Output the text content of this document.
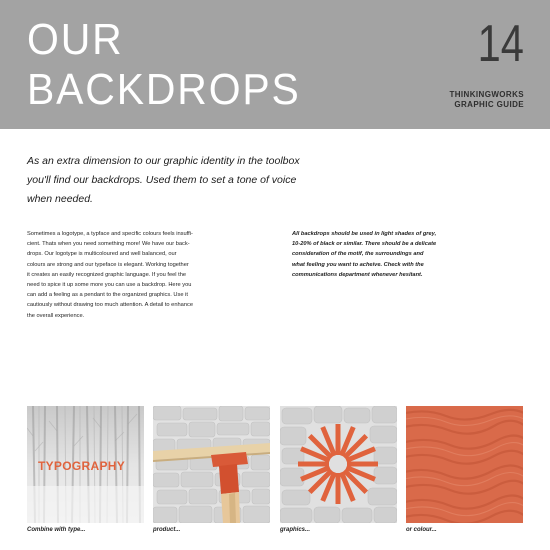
OUR
BACKDROPS
14
THINKINGWORKS
GRAPHIC GUIDE
As an extra dimension to our graphic identity in the toolbox
you'll find our backdrops. Used them to set a tone of voice
when needed.
Sometimes a logotype, a typface and specific colours feels insuffi-
cient. Thats when you need something more! We have our back-
drops. Our logotype is multicoloured and well balanced, our
colours are strong and our typeface is elegant. Working together
it creates an easily recognized graphic language. If you feel the
need to spice it up some more you can use a backdrop. Here you
can add a feeling as a pendant to the organized graphics. Use it
cautiously without drawing too much attention. A detail to enhance
the overall experience.
All backdrops should be used in light shades of grey,
10-20% of black or similar. There should be a delicate
consideration of the motif, the surroundings and
what feeling you want to acheive. Check with the
communications department whenever hesitant.
TYPOGRAPHY
Combine with type...	product...	graphics...	or colour...
